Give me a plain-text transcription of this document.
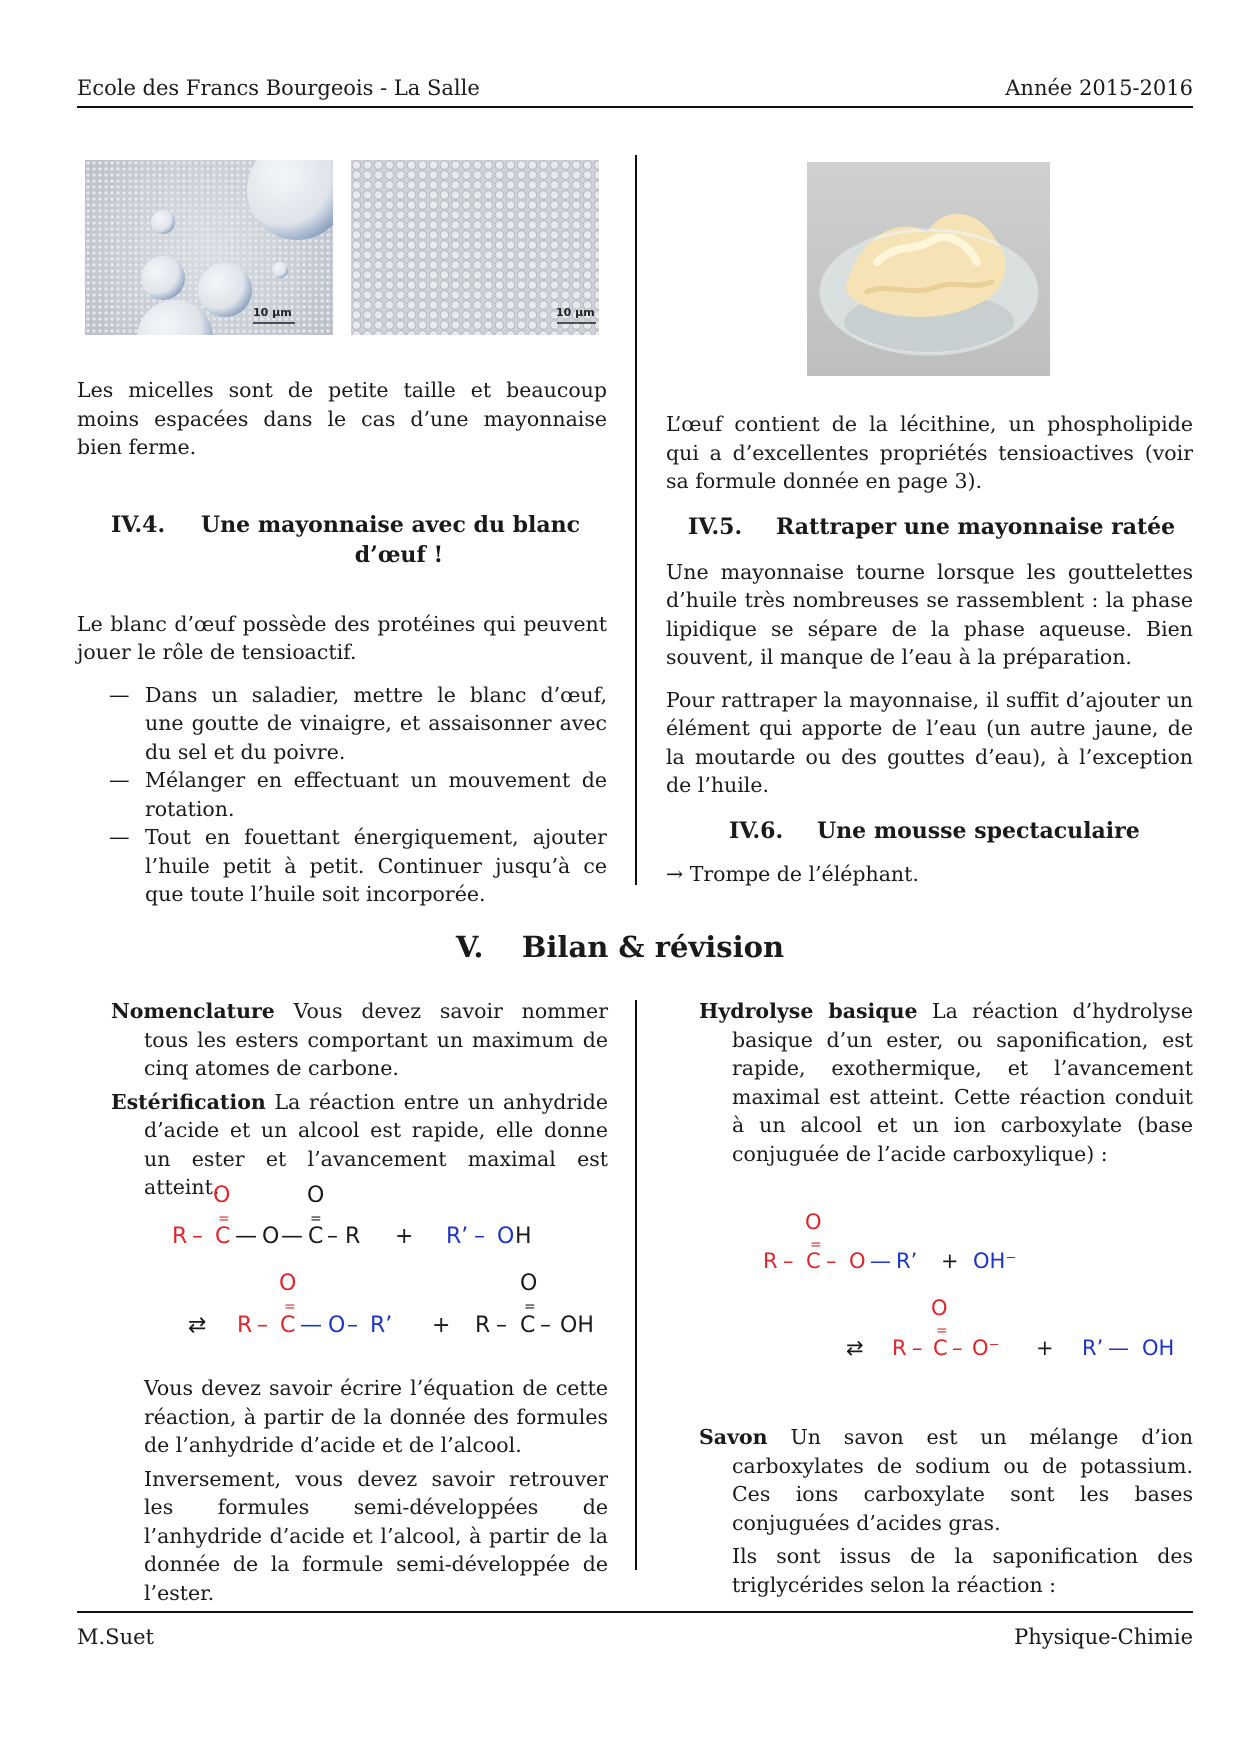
Ecole des Francs Bourgeois - La Salle	Année 2015-2016
10 µm	10 µm

Les micelles sont de petite taille et beaucoup moins espacées dans le cas d’une mayonnaise bien ferme.

IV.4. Une mayonnaise avec du blanc
d’œuf !

Le blanc d’œuf possède des protéines qui peuvent jouer le rôle de tensioactif.

— Dans un saladier, mettre le blanc d’œuf, une goutte de vinaigre, et assaisonner avec du sel et du poivre.
— Mélanger en effectuant un mouvement de rotation.
— Tout en fouettant énergiquement, ajouter l’huile petit à petit. Continuer jusqu’à ce que toute l’huile soit incorporée.

L’œuf contient de la lécithine, un phospholipide qui a d’excellentes propriétés tensioactives (voir sa formule donnée en page 3).

IV.5. Rattraper une mayonnaise ratée

Une mayonnaise tourne lorsque les gouttelettes d’huile très nombreuses se rassemblent : la phase lipidique se sépare de la phase aqueuse. Bien souvent, il manque de l’eau à la préparation.

Pour rattraper la mayonnaise, il suffit d’ajouter un élément qui apporte de l’eau (un autre jaune, de la moutarde ou des gouttes d’eau), à l’exception de l’huile.

IV.6. Une mousse spectaculaire

→ Trompe de l’éléphant.

V. Bilan & révision

Nomenclature Vous devez savoir nommer tous les esters comportant un maximum de cinq atomes de carbone.

Estérification La réaction entre un anhydride d’acide et un alcool est rapide, elle donne un ester et l’avancement maximal est atteint.

O	O
=	=
R – C — O — C – R + R’ – O H
O	O
=	=
⇄ R – C — O – R’ + R – C – OH

Vous devez savoir écrire l’équation de cette réaction, à partir de la donnée des formules de l’anhydride d’acide et de l’alcool.

Inversement, vous devez savoir retrouver les formules semi-développées de l’anhydride d’acide et l’alcool, à partir de la donnée de la formule semi-développée de l’ester.

Hydrolyse basique La réaction d’hydrolyse basique d’un ester, ou saponification, est rapide, exothermique, et l’avancement maximal est atteint. Cette réaction conduit à un alcool et un ion carboxylate (base conjuguée de l’acide carboxylique) :

O
=
R – C – O — R’ + OH⁻
O
=
⇄ R – C – O⁻ + R’ — OH

Savon Un savon est un mélange d’ion carboxylates de sodium ou de potassium. Ces ions carboxylate sont les bases conjuguées d’acides gras.

Ils sont issus de la saponification des triglycérides selon la réaction :

M.Suet	Physique-Chimie
